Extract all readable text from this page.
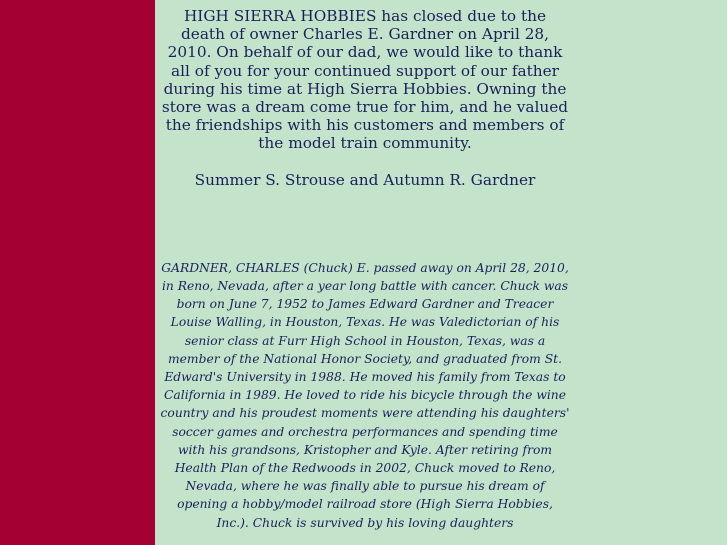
HIGH SIERRA HOBBIES has closed due to the death of owner Charles E. Gardner on April 28, 2010. On behalf of our dad, we would like to thank all of you for your continued support of our father during his time at High Sierra Hobbies. Owning the store was a dream come true for him, and he valued the friendships with his customers and members of the model train community.

Summer S. Strouse and Autumn R. Gardner

GARDNER, CHARLES (Chuck) E. passed away on April 28, 2010, in Reno, Nevada, after a year long battle with cancer. Chuck was born on June 7, 1952 to James Edward Gardner and Treacer Louise Walling, in Houston, Texas. He was Valedictorian of his senior class at Furr High School in Houston, Texas, was a member of the National Honor Society, and graduated from St. Edward's University in 1988. He moved his family from Texas to California in 1989. He loved to ride his bicycle through the wine country and his proudest moments were attending his daughters' soccer games and orchestra performances and spending time with his grandsons, Kristopher and Kyle. After retiring from Health Plan of the Redwoods in 2002, Chuck moved to Reno, Nevada, where he was finally able to pursue his dream of opening a hobby/model railroad store (High Sierra Hobbies, Inc.). Chuck is survived by his loving daughters
